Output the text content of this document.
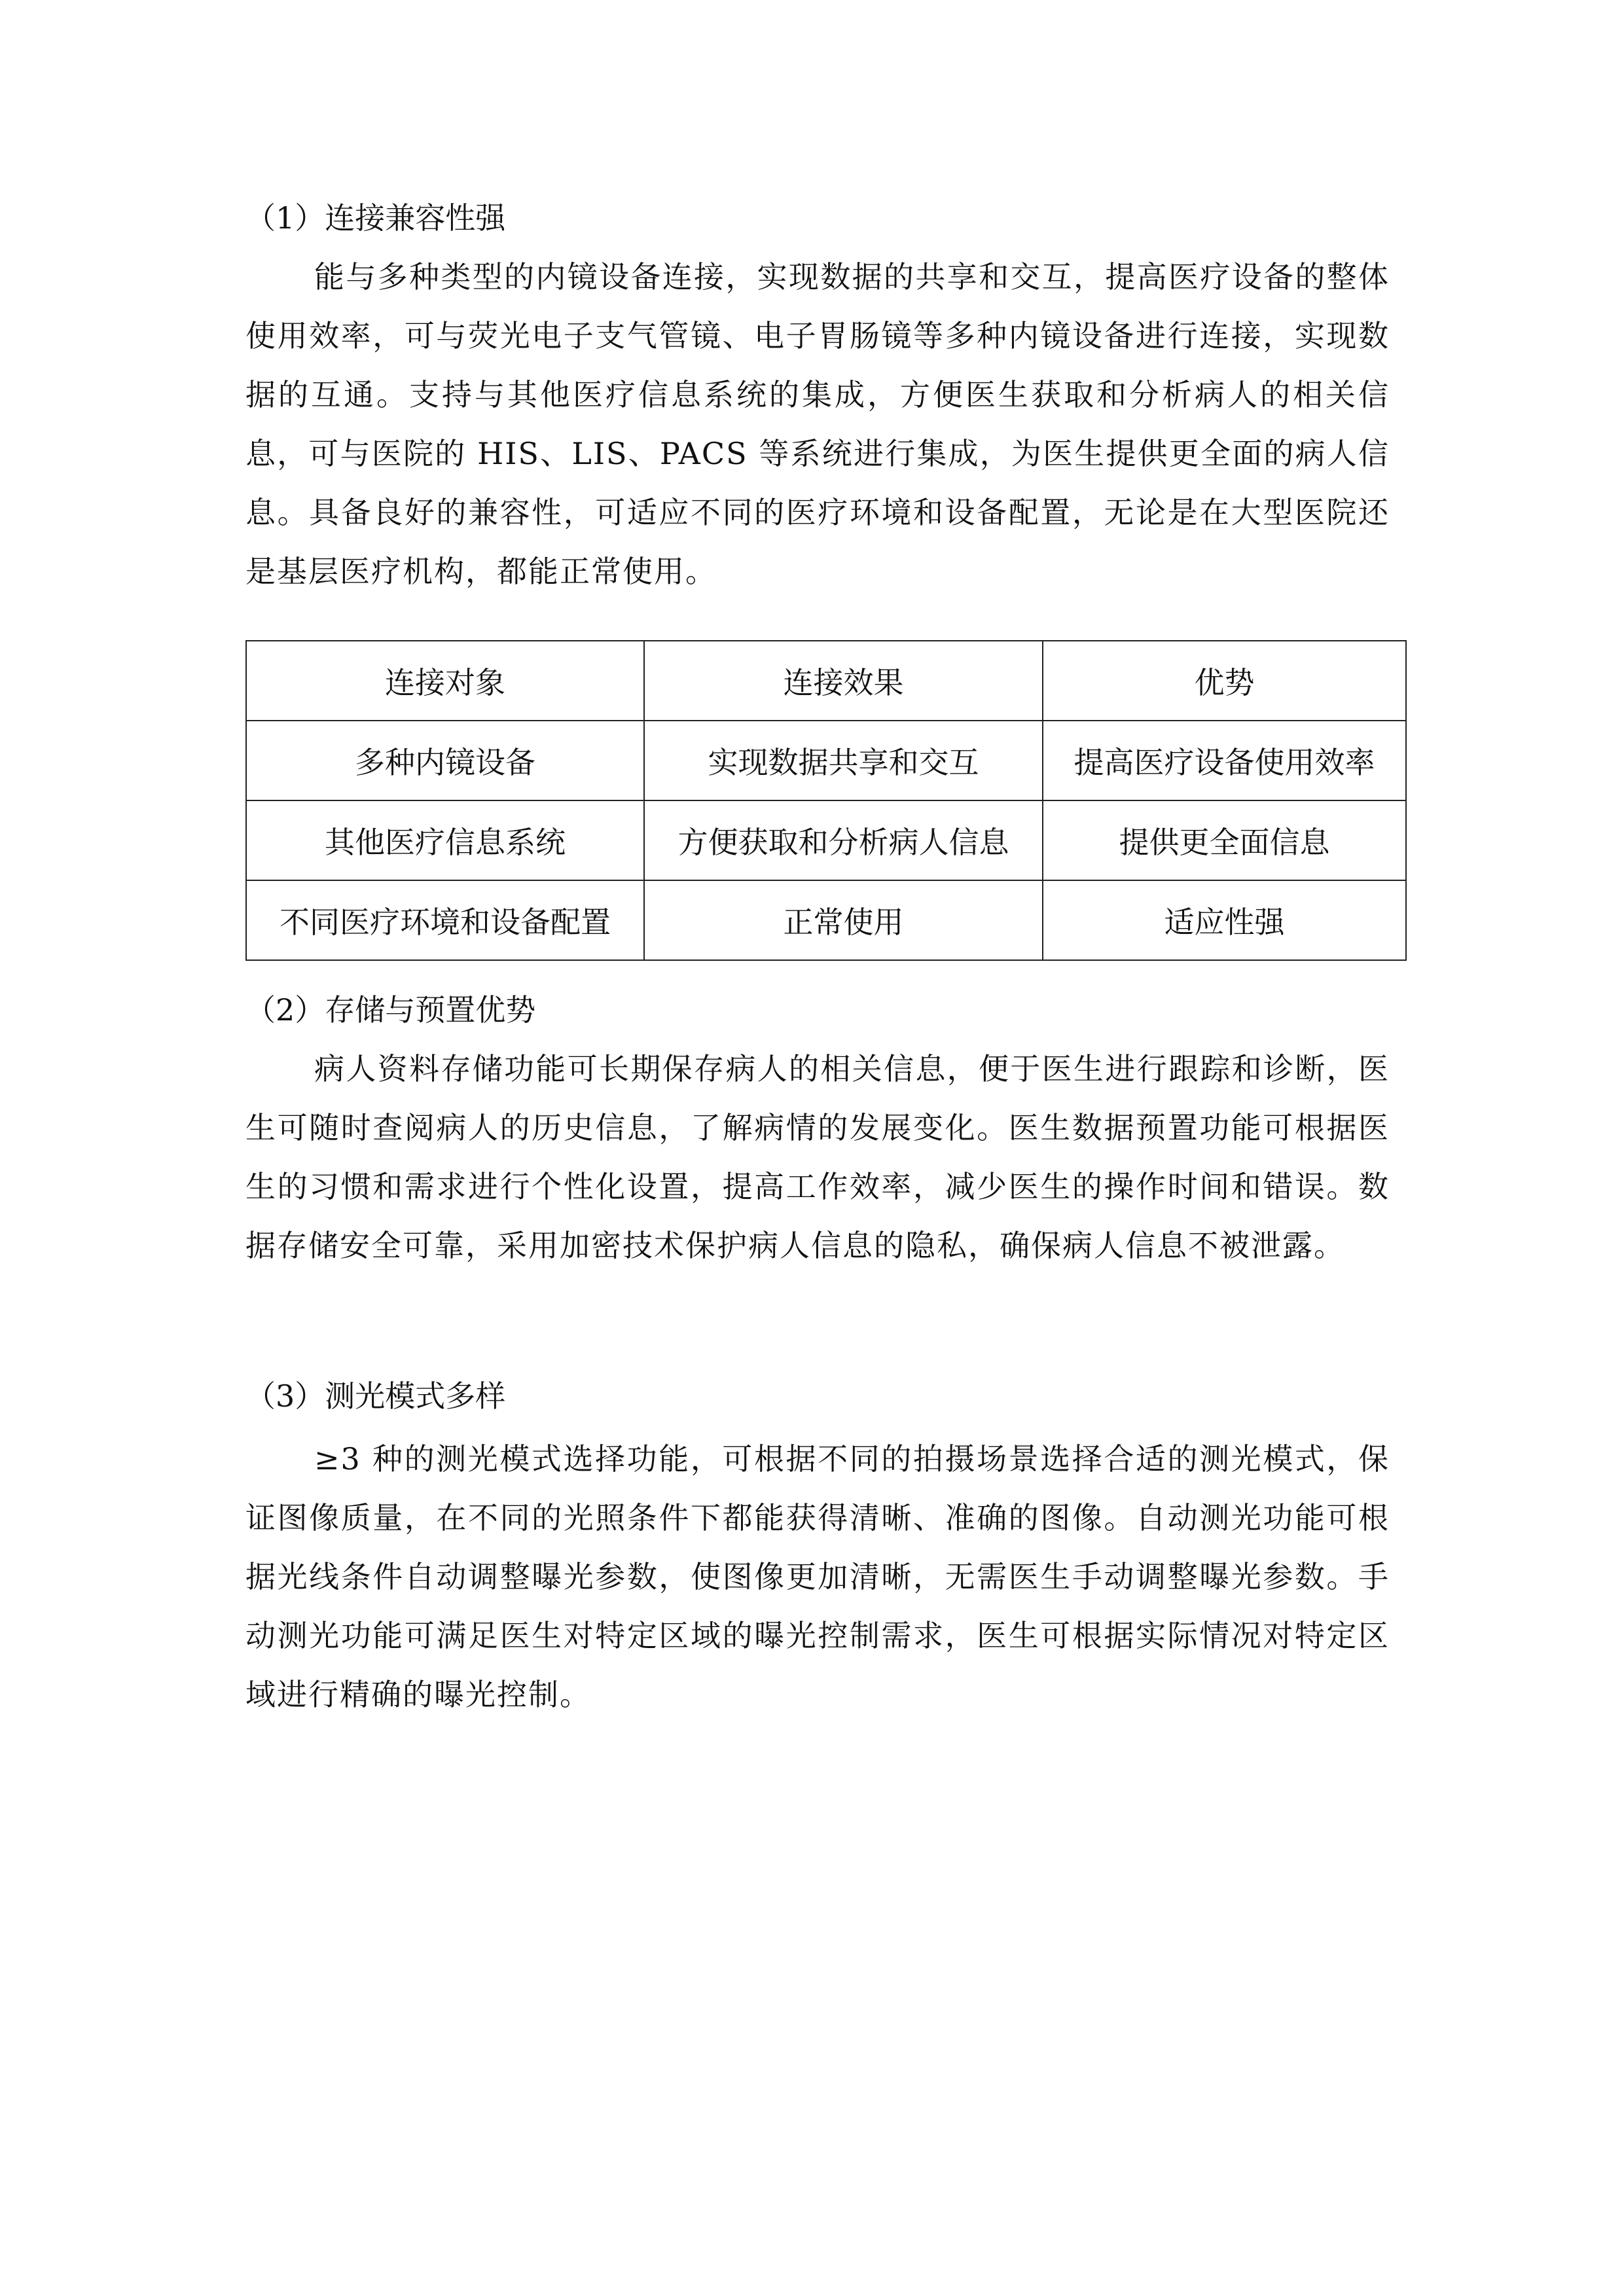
（1）连接兼容性强

能与多种类型的内镜设备连接，实现数据的共享和交互，提高医疗设备的整体使用效率，可与荧光电子支气管镜、电子胃肠镜等多种内镜设备进行连接，实现数据的互通。支持与其他医疗信息系统的集成，方便医生获取和分析病人的相关信息，可与医院的 HIS、LIS、PACS 等系统进行集成，为医生提供更全面的病人信息。具备良好的兼容性，可适应不同的医疗环境和设备配置，无论是在大型医院还是基层医疗机构，都能正常使用。

连接对象	连接效果	优势
多种内镜设备	实现数据共享和交互	提高医疗设备使用效率
其他医疗信息系统	方便获取和分析病人信息	提供更全面信息
不同医疗环境和设备配置	正常使用	适应性强
（2）存储与预置优势

病人资料存储功能可长期保存病人的相关信息，便于医生进行跟踪和诊断，医生可随时查阅病人的历史信息，了解病情的发展变化。医生数据预置功能可根据医生的习惯和需求进行个性化设置，提高工作效率，减少医生的操作时间和错误。数据存储安全可靠，采用加密技术保护病人信息的隐私，确保病人信息不被泄露。

（3）测光模式多样

≥3 种的测光模式选择功能，可根据不同的拍摄场景选择合适的测光模式，保证图像质量，在不同的光照条件下都能获得清晰、准确的图像。自动测光功能可根据光线条件自动调整曝光参数，使图像更加清晰，无需医生手动调整曝光参数。手动测光功能可满足医生对特定区域的曝光控制需求，医生可根据实际情况对特定区域进行精确的曝光控制。
